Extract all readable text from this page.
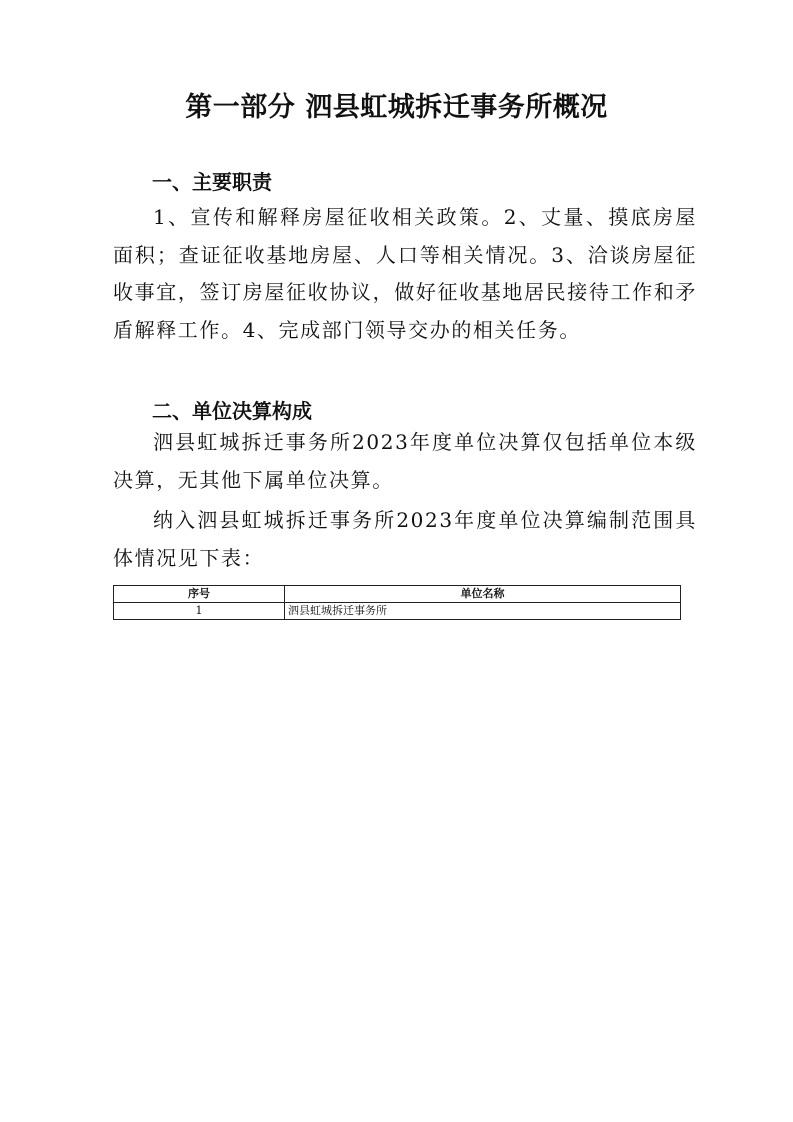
第一部分 泗县虹城拆迁事务所概况
一、主要职责

1、宣传和解释房屋征收相关政策。2、丈量、摸底房屋面积；查证征收基地房屋、人口等相关情况。3、洽谈房屋征收事宜，签订房屋征收协议，做好征收基地居民接待工作和矛盾解释工作。4、完成部门领导交办的相关任务。

二、单位决算构成

泗县虹城拆迁事务所2023年度单位决算仅包括单位本级决算，无其他下属单位决算。

纳入泗县虹城拆迁事务所2023年度单位决算编制范围具体情况见下表：

序号	单位名称
1	泗县虹城拆迁事务所
